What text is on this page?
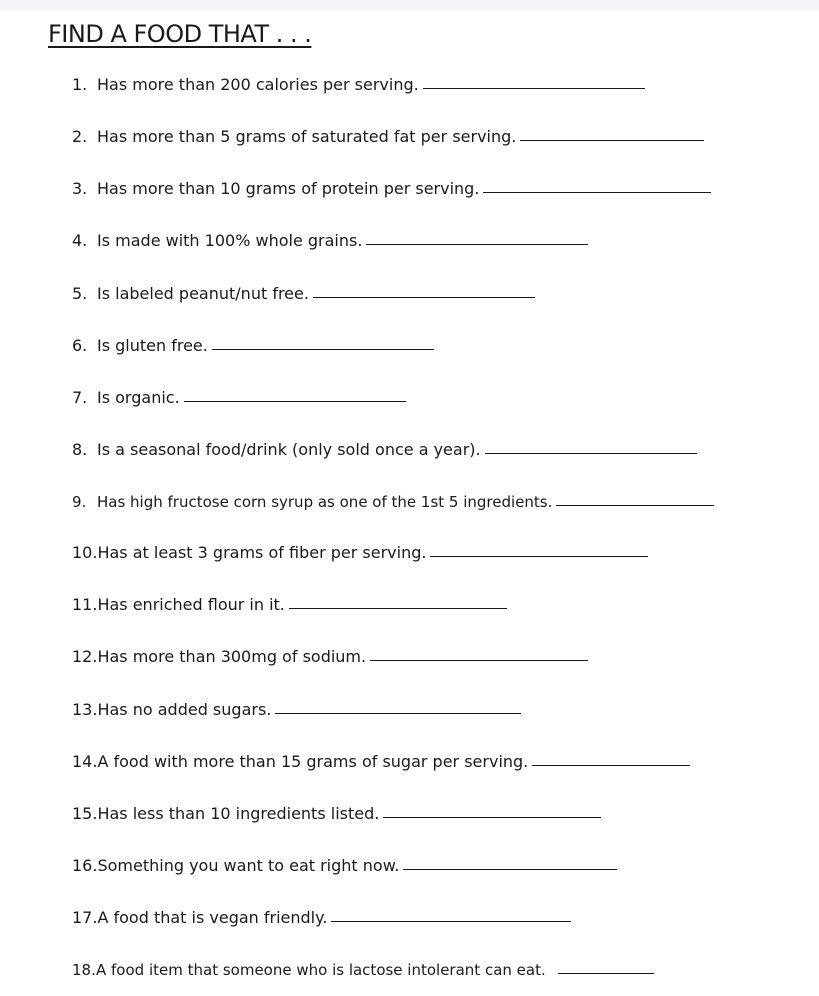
FIND A FOOD THAT . . .
1. Has more than 200 calories per serving.
2. Has more than 5 grams of saturated fat per serving.
3. Has more than 10 grams of protein per serving.
4. Is made with 100% whole grains.
5. Is labeled peanut/nut free.
6. Is gluten free.
7. Is organic.
8. Is a seasonal food/drink (only sold once a year).
9. Has high fructose corn syrup as one of the 1st 5 ingredients.
10. Has at least 3 grams of fiber per serving.
11. Has enriched flour in it.
12. Has more than 300mg of sodium.
13. Has no added sugars.
14. A food with more than 15 grams of sugar per serving.
15. Has less than 10 ingredients listed.
16. Something you want to eat right now.
17. A food that is vegan friendly.
18. A food item that someone who is lactose intolerant can eat.
